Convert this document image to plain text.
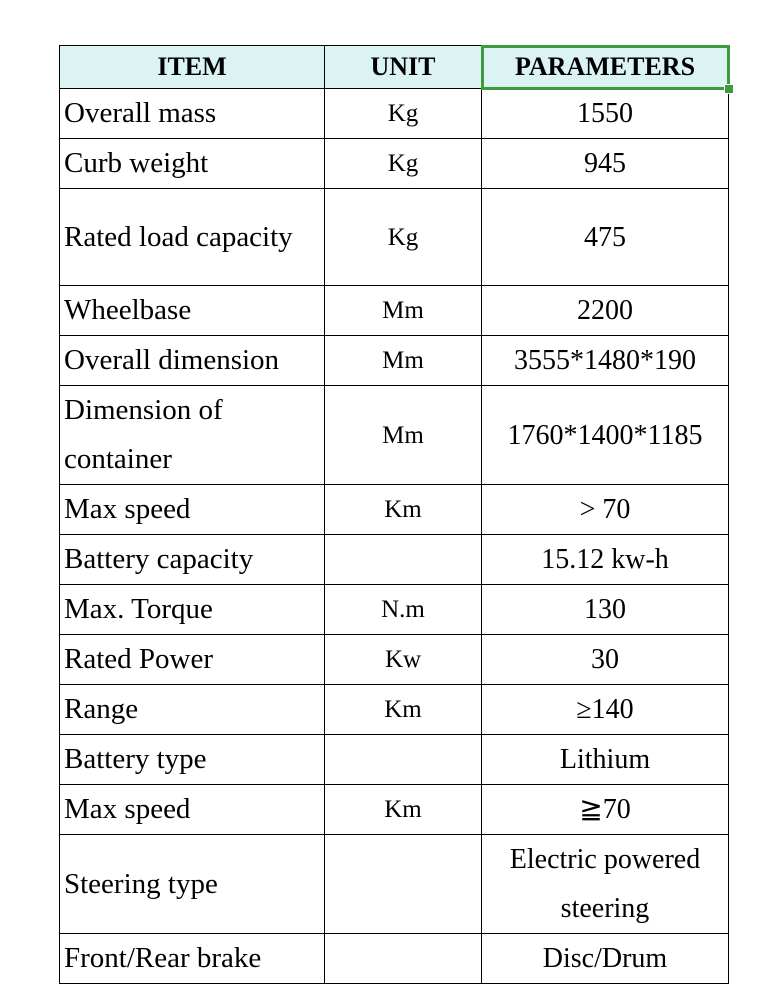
ITEM	UNIT	PARAMETERS

Overall mass	Kg	1550
Curb weight	Kg	945
Rated load capacity	Kg	475
Wheelbase	Mm	2200
Overall dimension	Mm	3555*1480*190
Dimension of container	Mm	1760*1400*1185
Max speed	Km	> 70
Battery capacity		15.12 kw-h
Max. Torque	N.m	130
Rated Power	Kw	30
Range	Km	≥140
Battery type		Lithium
Max speed	Km	≧70
Steering type		Electric powered steering
Front/Rear brake		Disc/Drum
